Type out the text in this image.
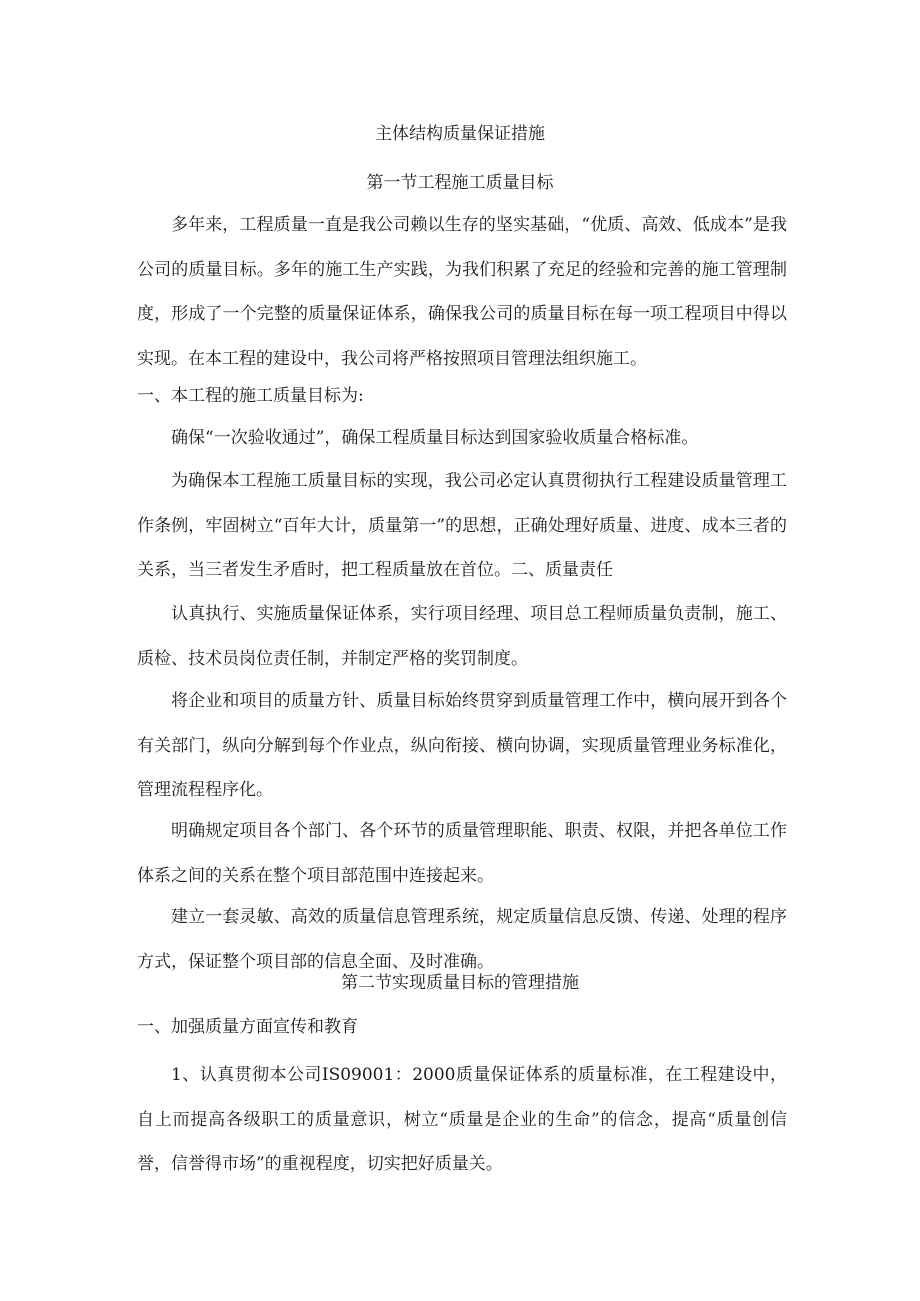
主体结构质量保证措施
第一节工程施工质量目标

多年来，工程质量一直是我公司赖以生存的坚实基础，“优质、高效、低成本”是我公司的质量目标。多年的施工生产实践，为我们积累了充足的经验和完善的施工管理制度，形成了一个完整的质量保证体系，确保我公司的质量目标在每一项工程项目中得以实现。在本工程的建设中，我公司将严格按照项目管理法组织施工。

一、本工程的施工质量目标为:

确保“一次验收通过”，确保工程质量目标达到国家验收质量合格标准。

为确保本工程施工质量目标的实现，我公司必定认真贯彻执行工程建设质量管理工作条例，牢固树立“百年大计，质量第一”的思想，正确处理好质量、进度、成本三者的关系，当三者发生矛盾时，把工程质量放在首位。二、质量责任

认真执行、实施质量保证体系，实行项目经理、项目总工程师质量负责制，施工、质检、技术员岗位责任制，并制定严格的奖罚制度。

将企业和项目的质量方针、质量目标始终贯穿到质量管理工作中，横向展开到各个有关部门，纵向分解到每个作业点，纵向衔接、横向协调，实现质量管理业务标准化，管理流程程序化。

明确规定项目各个部门、各个环节的质量管理职能、职责、权限，并把各单位工作体系之间的关系在整个项目部范围中连接起来。

建立一套灵敏、高效的质量信息管理系统，规定质量信息反馈、传递、处理的程序方式，保证整个项目部的信息全面、及时准确。

第二节实现质量目标的管理措施
一、加强质量方面宣传和教育

1、认真贯彻本公司IS09001：2000质量保证体系的质量标准，在工程建设中，自上而提高各级职工的质量意识，树立“质量是企业的生命”的信念，提高“质量创信誉，信誉得市场”的重视程度，切实把好质量关。
